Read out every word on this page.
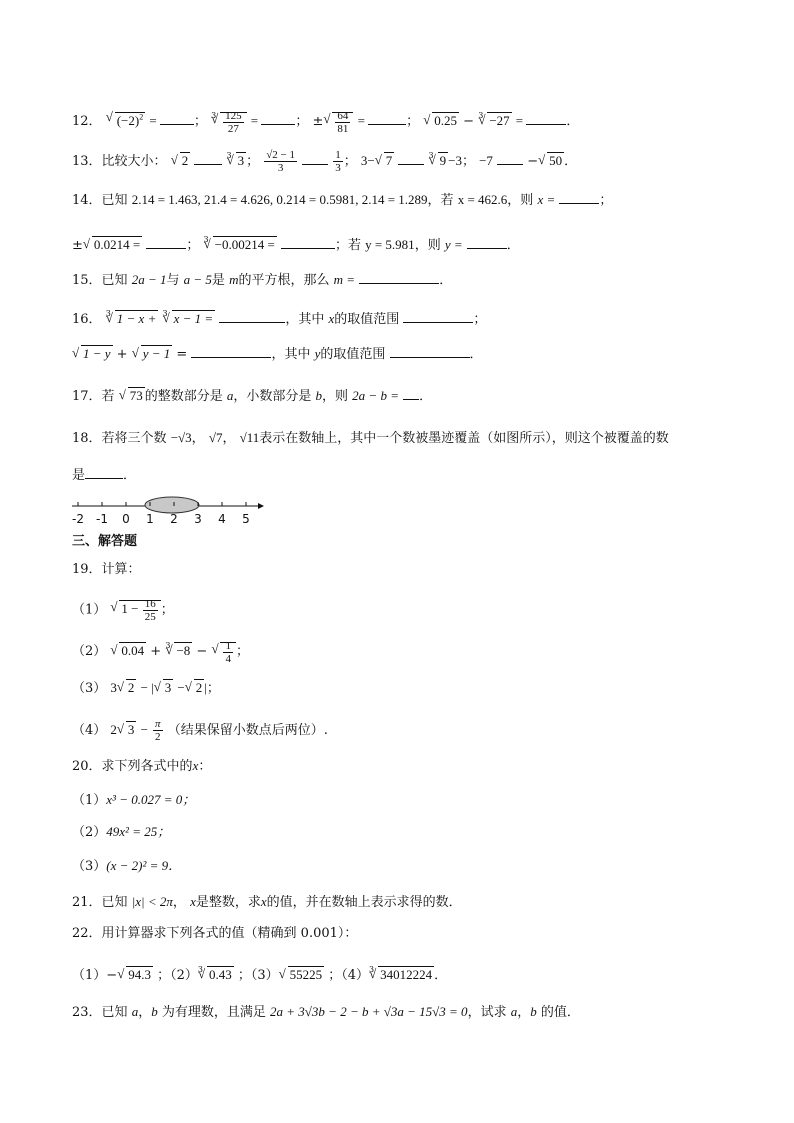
12． √ $(-2)^2$ =	； $^3$
√ $\frac{125}{27}$ =	； ±
√ $\frac{64}{81}$ =	； √ 0.25 − $^3$√ −27 =	．
13．比较大小： √ 2	$^3$√ 3 ； $\frac{√2 - 1}{3}$
	$\frac{1}{3}$ ； 3−√ 7	$^3$√ 9 −3； −7  −√ 50 ．
14．已知 2.14 = 1.463, 21.4 = 4.626, 0.214 = 0.5981, 2.14 = 1.289，若 x = 462.6，则 x =	；
±√ 0.0214 =	； $^3$√ −0.00214 =	；若 y = 5.981，则 y =	．
15．已知 2a − 1与 a − 5是 m的平方根，那么 m =	．
16． $^3$√ 1 − x + $^3$√ x − 1 =	，其中 x的取值范围	；
√ 1 − y + √ y − 1 =	，其中 y的取值范围	．
17．若 √ 73 的整数部分是 a，小数部分是 b，则 2a − b = ．
18．若将三个数 −√3， √7， √11表示在数轴上，其中一个数被墨迹覆盖（如图所示），则这个被覆盖的数
是	．
-2 -1 0 1 2 3 4 5
三、解答题
19．计算：
（1） √ $1 - \frac{16}{25}$ ；
（2） √ 0.04 + $^3$√ −8 −
√ $\frac{1}{4}$ ；
（3） 3√ 2 − |√ 3 −√ 2 |；
（4） 2√ $3 - \frac{\pi}{2}$ （结果保留小数点后两位）.
20．求下列各式中的x：
（1）x³ − 0.027 = 0；
（2）49x² = 25；
（3）(x − 2)² = 9．
21．已知 |x| < 2π， x是整数，求x的值，并在数轴上表示求得的数．
22．用计算器求下列各式的值（精确到 0.001）：
（1）−√ 94.3 ；$(2)^3√$ 0.43 ；（3）√ 55225 ；$(4)^3√$ 34012224 ．
23．已知 a，b 为有理数，且满足 2a + 3√3b − 2 − b + √3a − 15√3 = 0，试求 a，b 的值．
